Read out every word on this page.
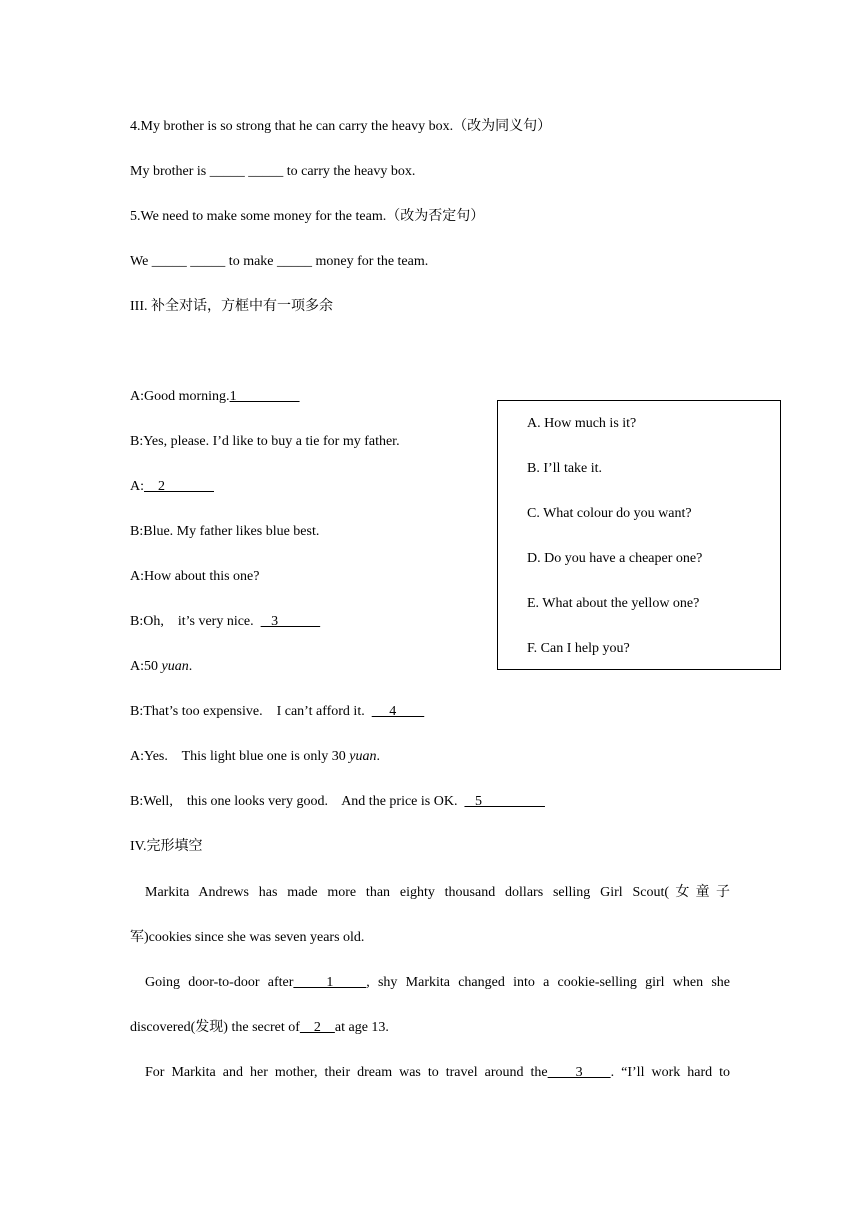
4.My brother is so strong that he can carry the heavy box.（改为同义句）
My brother is _____ _____ to carry the heavy box.
5.We need to make some money for the team.（改为否定句）
We _____ _____ to make _____ money for the team.
III. 补全对话，方框中有一项多余
A:Good morning.1
B:Yes, please. I’d like to buy a tie for my father.
A:    2
B:Blue. My father likes blue best.
A:How about this one?
B:Oh,    it’s very nice.     3
A:50 yuan.
B:That’s too expensive.    I can’t afford it.       4
A:Yes.    This light blue one is only 30 yuan.
B:Well,    this one looks very good.    And the price is OK.     5
A. How much is it?
B. I’ll take it.
C. What colour do you want?
D. Do you have a cheaper one?
E. What about the yellow one?
F. Can I help you?
IV.完形填空
Markita Andrews has made more than eighty thousand dollars selling Girl Scout(女童子
军)cookies since she was seven years old.
Going door-to-door after    1    , shy Markita changed into a cookie-selling girl when she
discovered(发现) the secret of    2    at age 13.
For Markita and her mother, their dream was to travel around the    3    . “I’ll work hard to
